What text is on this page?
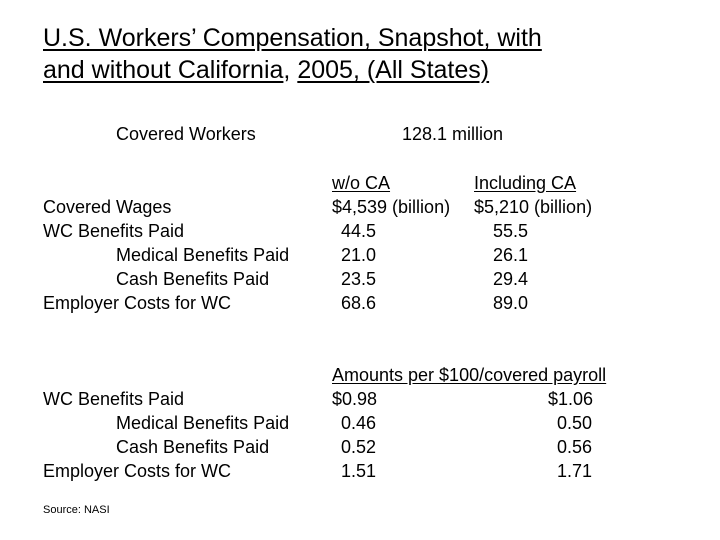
U.S. Workers’ Compensation, Snapshot, with
and without California, 2005, (All States)
Covered Workers	128.1 million
w/o CA	Including CA
Covered Wages	$4,539 (billion) $5,210 (billion)
WC Benefits Paid	44.5	55.5
Medical Benefits Paid	21.0	26.1
Cash Benefits Paid	23.5	29.4
Employer Costs for WC	68.6	89.0
Amounts per $100/covered payroll
WC Benefits Paid	$0.98	$1.06
Medical Benefits Paid	0.46	0.50
Cash Benefits Paid	0.52	0.56
Employer Costs for WC	1.51	1.71
Source: NASI
